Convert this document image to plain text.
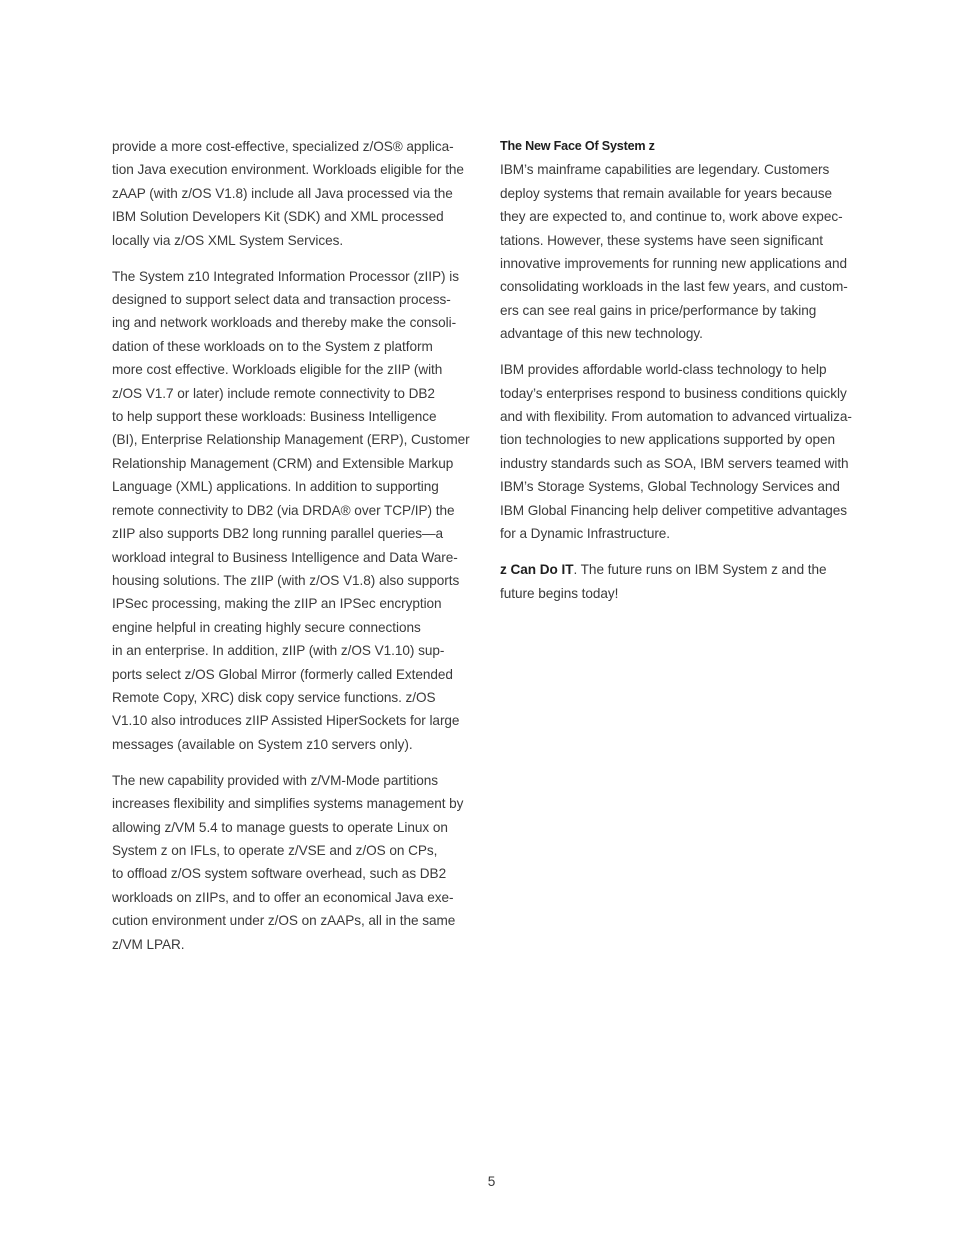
provide a more cost-effective, specialized z/OS® applica-
tion Java execution environment. Workloads eligible for the
zAAP (with z/OS V1.8) include all Java processed via the
IBM Solution Developers Kit (SDK) and XML processed
locally via z/OS XML System Services.

The System z10 Integrated Information Processor (zIIP) is
designed to support select data and transaction process-
ing and network workloads and thereby make the consoli-
dation of these workloads on to the System z platform
more cost effective. Workloads eligible for the zIIP (with
z/OS V1.7 or later) include remote connectivity to DB2
to help support these workloads: Business Intelligence
(BI), Enterprise Relationship Management (ERP), Customer
Relationship Management (CRM) and Extensible Markup
Language (XML) applications. In addition to supporting
remote connectivity to DB2 (via DRDA® over TCP/IP) the
zIIP also supports DB2 long running parallel queries—a
workload integral to Business Intelligence and Data Ware-
housing solutions. The zIIP (with z/OS V1.8) also supports
IPSec processing, making the zIIP an IPSec encryption
engine helpful in creating highly secure connections
in an enterprise. In addition, zIIP (with z/OS V1.10) sup-
ports select z/OS Global Mirror (formerly called Extended
Remote Copy, XRC) disk copy service functions. z/OS
V1.10 also introduces zIIP Assisted HiperSockets for large
messages (available on System z10 servers only).

The new capability provided with z/VM-Mode partitions
increases flexibility and simplifies systems management by
allowing z/VM 5.4 to manage guests to operate Linux on
System z on IFLs, to operate z/VSE and z/OS on CPs,
to offload z/OS system software overhead, such as DB2
workloads on zIIPs, and to offer an economical Java exe-
cution environment under z/OS on zAAPs, all in the same
z/VM LPAR.

The New Face Of System z

IBM’s mainframe capabilities are legendary. Customers
deploy systems that remain available for years because
they are expected to, and continue to, work above expec-
tations. However, these systems have seen significant
innovative improvements for running new applications and
consolidating workloads in the last few years, and custom-
ers can see real gains in price/performance by taking
advantage of this new technology.

IBM provides affordable world-class technology to help
today’s enterprises respond to business conditions quickly
and with flexibility. From automation to advanced virtualiza-
tion technologies to new applications supported by open
industry standards such as SOA, IBM servers teamed with
IBM’s Storage Systems, Global Technology Services and
IBM Global Financing help deliver competitive advantages
for a Dynamic Infrastructure.

z Can Do IT. The future runs on IBM System z and the
future begins today!

5
